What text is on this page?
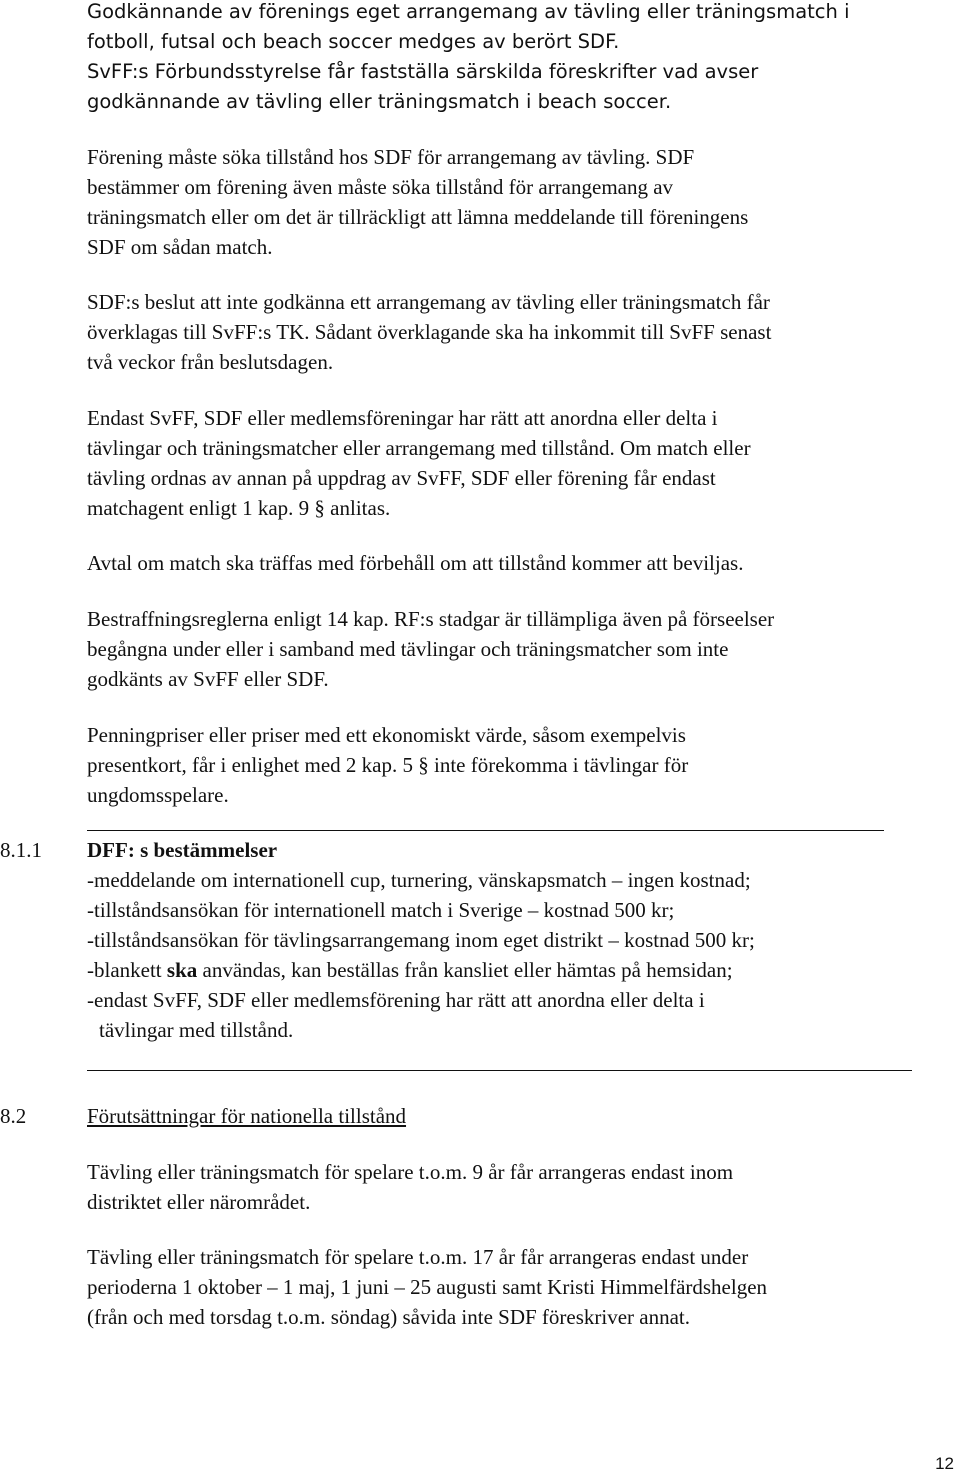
Godkännande av förenings eget arrangemang av tävling eller träningsmatch i

fotboll, futsal och beach soccer medges av berört SDF.

SvFF:s Förbundsstyrelse får fastställa särskilda föreskrifter vad avser

godkännande av tävling eller träningsmatch i beach soccer.

Förening måste söka tillstånd hos SDF för arrangemang av tävling. SDF

bestämmer om förening även måste söka tillstånd för arrangemang av

träningsmatch eller om det är tillräckligt att lämna meddelande till föreningens

SDF om sådan match.

SDF:s beslut att inte godkänna ett arrangemang av tävling eller träningsmatch får

överklagas till SvFF:s TK. Sådant överklagande ska ha inkommit till SvFF senast

två veckor från beslutsdagen.

Endast SvFF, SDF eller medlemsföreningar har rätt att anordna eller delta i

tävlingar och träningsmatcher eller arrangemang med tillstånd. Om match eller

tävling ordnas av annan på uppdrag av SvFF, SDF eller förening får endast

matchagent enligt 1 kap. 9 § anlitas.

Avtal om match ska träffas med förbehåll om att tillstånd kommer att beviljas.

Bestraffningsreglerna enligt 14 kap. RF:s stadgar är tillämpliga även på förseelser

begångna under eller i samband med tävlingar och träningsmatcher som inte

godkänts av SvFF eller SDF.

Penningpriser eller priser med ett ekonomiskt värde, såsom exempelvis

presentkort, får i enlighet med 2 kap. 5 § inte förekomma i tävlingar för

ungdomsspelare.

8.1.1 DFF: s bestämmelser

-meddelande om internationell cup, turnering, vänskapsmatch – ingen kostnad;

-tillståndsansökan för internationell match i Sverige – kostnad 500 kr;

-tillståndsansökan för tävlingsarrangemang inom eget distrikt – kostnad 500 kr;

-blankett ska användas, kan beställas från kansliet eller hämtas på hemsidan;

-endast SvFF, SDF eller medlemsförening har rätt att anordna eller delta i

tävlingar med tillstånd.

8.2	Förutsättningar för nationella tillstånd

Tävling eller träningsmatch för spelare t.o.m. 9 år får arrangeras endast inom

distriktet eller närområdet.

Tävling eller träningsmatch för spelare t.o.m. 17 år får arrangeras endast under

perioderna 1 oktober – 1 maj, 1 juni – 25 augusti samt Kristi Himmelfärdshelgen

(från och med torsdag t.o.m. söndag) såvida inte SDF föreskriver annat.

12
